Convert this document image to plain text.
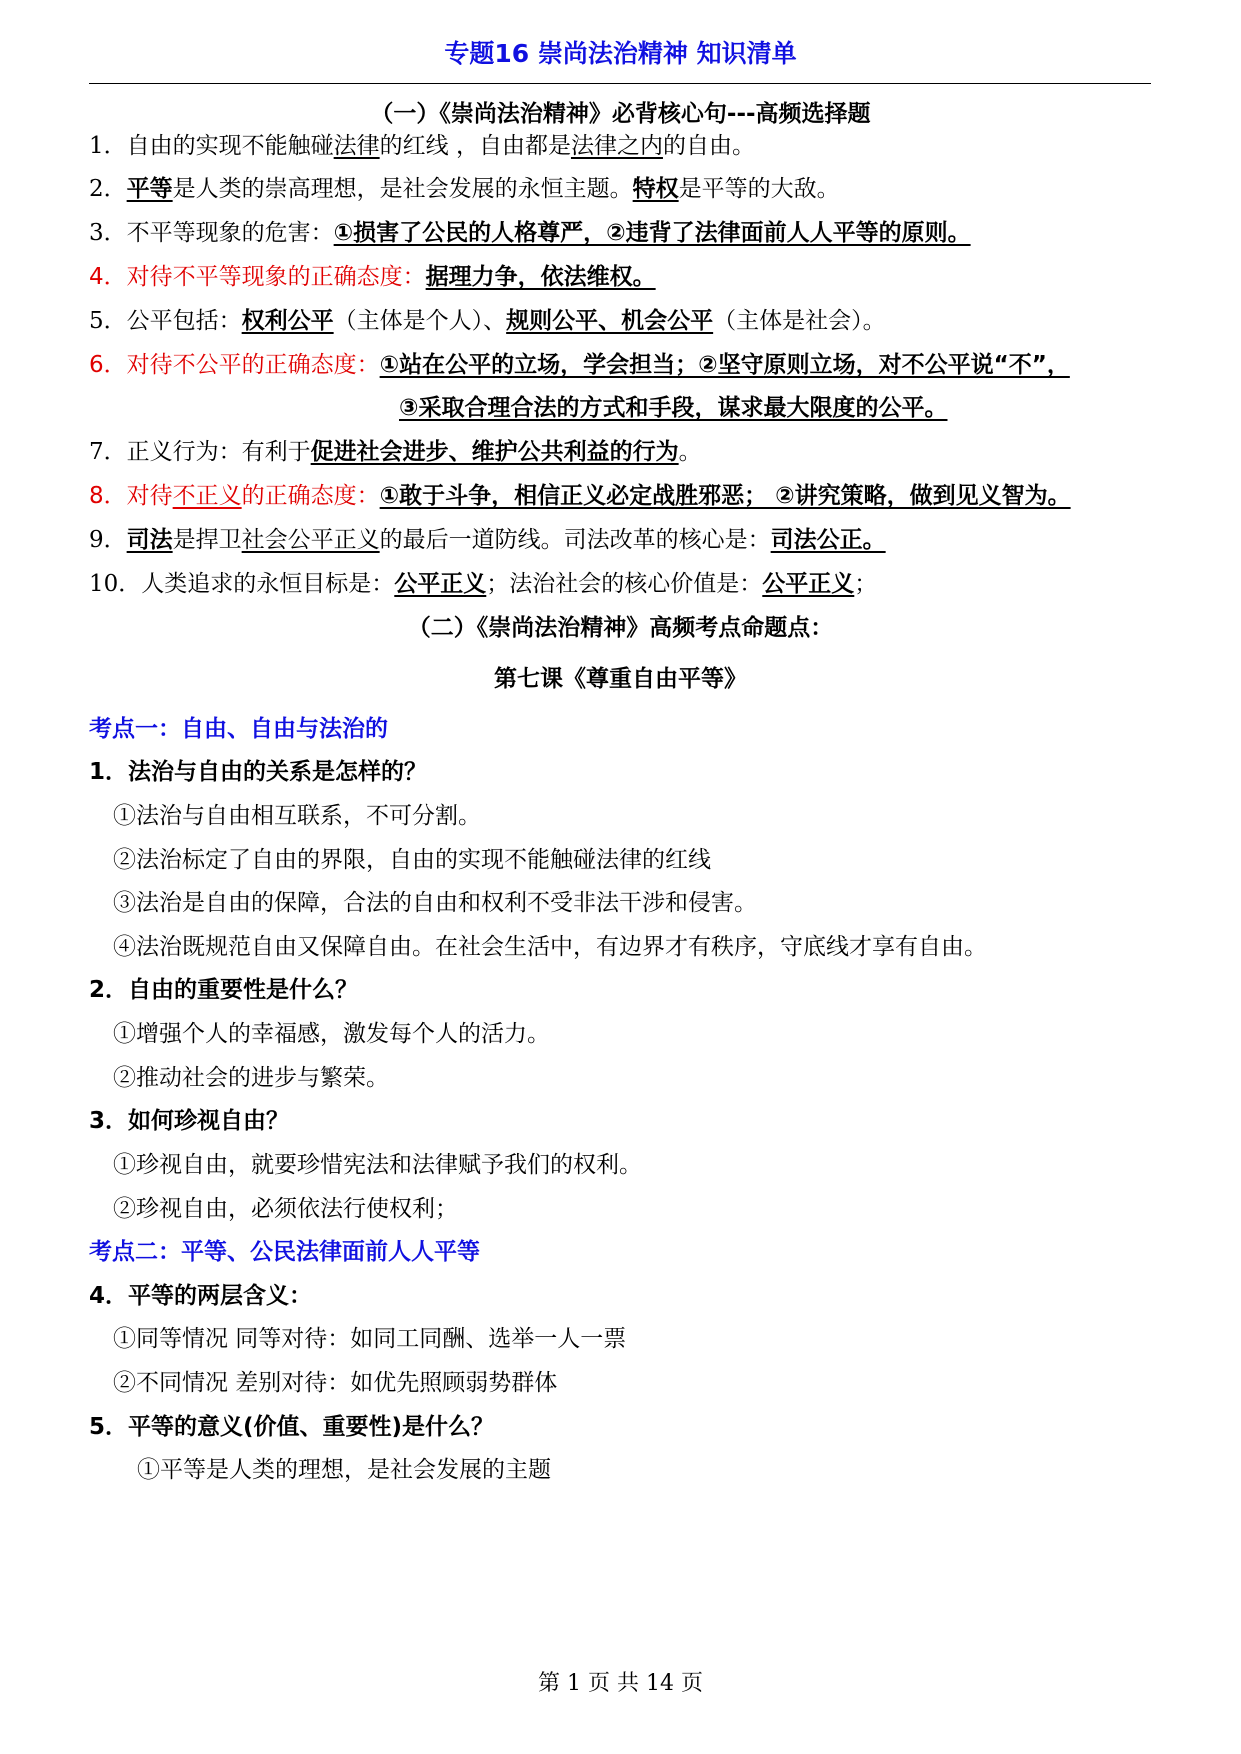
专题16 崇尚法治精神 知识清单
（一）《崇尚法治精神》必背核心句---高频选择题
1．自由的实现不能触碰法律的红线 ，自由都是法律之内的自由。
2．平等是人类的崇高理想，是社会发展的永恒主题。特权是平等的大敌。
3．不平等现象的危害：①损害了公民的人格尊严，②违背了法律面前人人平等的原则。
4．对待不平等现象的正确态度：据理力争，依法维权。
5．公平包括：权利公平（主体是个人）、规则公平、机会公平（主体是社会）。
6．对待不公平的正确态度：①站在公平的立场，学会担当；②坚守原则立场，对不公平说“不”，
③采取合理合法的方式和手段，谋求最大限度的公平。
7．正义行为：有利于促进社会进步、维护公共利益的行为。
8．对待不正义的正确态度：①敢于斗争，相信正义必定战胜邪恶； ②讲究策略，做到见义智为。
9．司法是捍卫社会公平正义的最后一道防线。司法改革的核心是：司法公正。
10．人类追求的永恒目标是：公平正义；法治社会的核心价值是：公平正义；
（二）《崇尚法治精神》高频考点命题点：
第七课《尊重自由平等》
考点一：自由、自由与法治的
1．法治与自由的关系是怎样的？
①法治与自由相互联系，不可分割。
②法治标定了自由的界限，自由的实现不能触碰法律的红线
③法治是自由的保障，合法的自由和权利不受非法干涉和侵害。
④法治既规范自由又保障自由。在社会生活中，有边界才有秩序，守底线才享有自由。
2．自由的重要性是什么？
①增强个人的幸福感，激发每个人的活力。
②推动社会的进步与繁荣。
3．如何珍视自由？
①珍视自由，就要珍惜宪法和法律赋予我们的权利。
②珍视自由，必须依法行使权利；
考点二：平等、公民法律面前人人平等
4．平等的两层含义：
①同等情况 同等对待：如同工同酬、选举一人一票
②不同情况 差别对待：如优先照顾弱势群体
5．平等的意义(价值、重要性)是什么？
①平等是人类的理想，是社会发展的主题
第 1 页 共 14 页
